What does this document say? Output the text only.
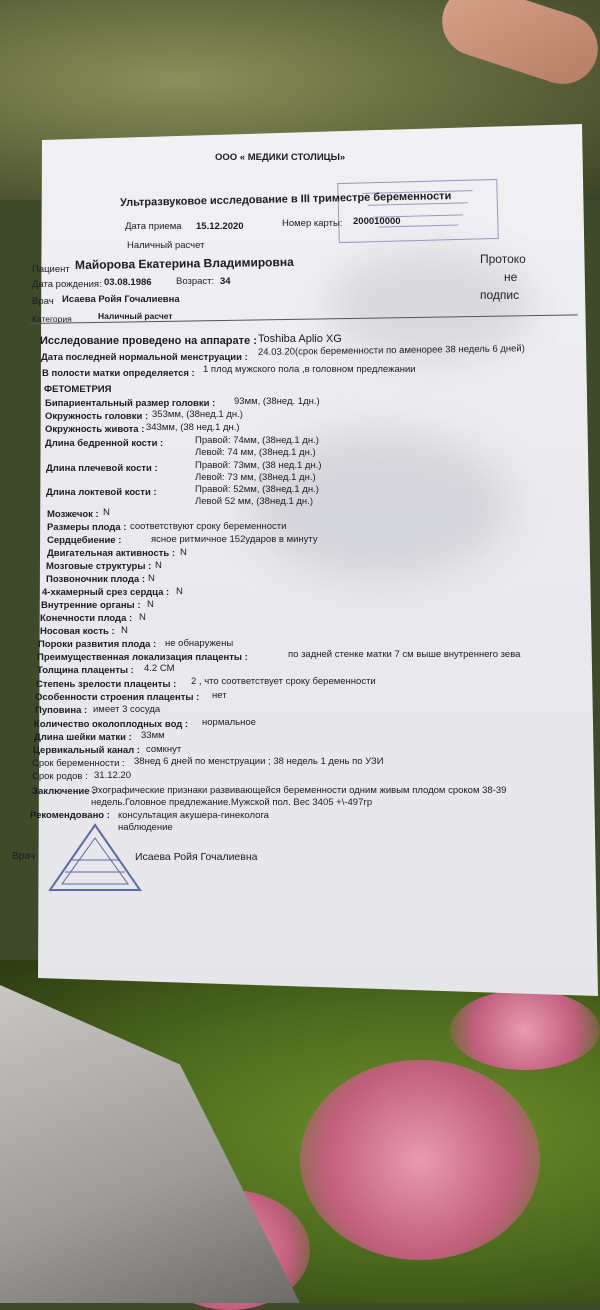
ООО « МЕДИКИ СТОЛИЦЫ»
Ультразвуковое исследование в III триместре беременности
Дата приема 15.12.2020	Номер карты: 200010000
Наличный расчет
Пациент Майорова Екатерина Владимировна
Дата рождения: 03.08.1986	Возраст: 34
Врач Исаева Ройя Гочалиевна
Категория	Наличный расчет
Протоко
не
подпис
Исследование проведено на аппарате : Toshiba Aplio XG
Дата последней нормальной менструации : 24.03.20(срок беременности по аменорее 38 недель 6 дней)
В полости матки определяется : 1 плод мужского пола ,в головном предлежании
ФЕТОМЕТРИЯ
Бипариентальный размер головки : 93мм, (38нед. 1дн.)
Окружность головки : 353мм, (38нед.1 дн.)
Окружность живота : 343мм, (38 нед.1 дн.)
Длина бедренной кости :	Правой: 74мм, (38нед.1 дн.)
Левой: 74 мм, (38нед.1 дн.)
Длина плечевой кости :	Правой: 73мм, (38 нед.1 дн.)
Левой: 73 мм, (38нед.1 дн.)
Длина локтевой кости :	Правой: 52мм, (38нед.1 дн.)
Левой 52 мм, (38нед.1 дн.)
Мозжечок : N
Размеры плода : соответствуют сроку беременности
Сердцебиение :	ясное ритмичное 152ударов в минуту
Двигательная активность : N
Мозговые структуры : N
Позвоночник плода : N
4-хкамерный срез сердца : N
Внутренние органы : N
Конечности плода : N
Носовая кость : N
Пороки развития плода : не обнаружены
Преимущественная локализация плаценты :	по задней стенке матки 7 см выше внутреннего зева
Толщина плаценты : 4.2 СМ
Степень зрелости плаценты : 2 , что соответствует сроку беременности
Особенности строения плаценты : нет
Пуповина : имеет 3 сосуда
Количество околоплодных вод : нормальное
Длина шейки матки : 33мм
Цервикальный канал : сомкнут
Срок беременности : 38нед 6 дней по менструации ; 38 недель 1 день по УЗИ
Срок родов : 31.12.20
Заключение :
Эхографические признаки развивающейся беременности одним живым плодом сроком 38-39
недель.Головное предлежание.Мужской пол. Вес 3405 +\-497гр
Рекомендовано : консультация акушера-гинеколога
наблюдение
Врач	Исаева Ройя Гочалиевна
